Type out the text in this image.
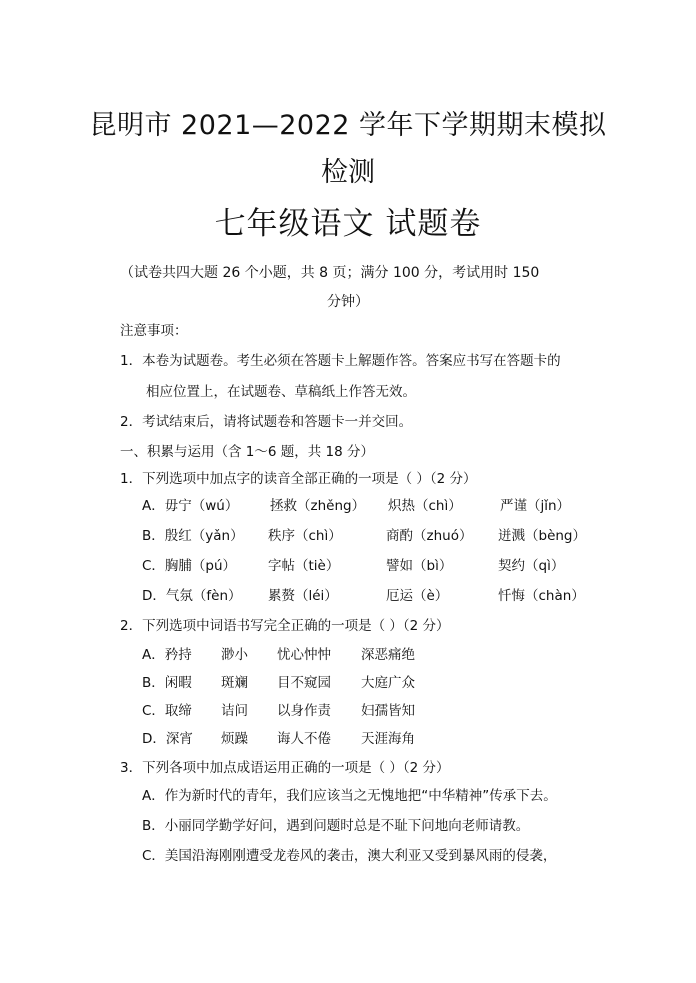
昆明市 2021—2022 学年下学期期末模拟
检测
七年级语文 试题卷
（试卷共四大题 26 个小题，共 8 页；满分 100 分，考试用时 150
分钟）
注意事项：
1．本卷为试题卷。考生必须在答题卡上解题作答。答案应书写在答题卡的
相应位置上，在试题卷、草稿纸上作答无效。
2．考试结束后，请将试题卷和答题卡一并交回。
一、积累与运用（含 1～6 题，共 18 分）
1．下列选项中加点字的读音全部正确的一项是（ ）（2 分）
A．毋宁（wú） 拯救（zhěng） 炽热（chì）	严谨（jǐn）
B．殷红（yǎn） 秩序（chì）	商酌（zhuó） 迸溅（bèng）
C．胸脯（pú） 字帖（tiè）	譬如（bì）	契约（qì）
D．气氛（fèn） 累赘（léi）	厄运（è）	忏悔（chàn）
2．下列选项中词语书写完全正确的一项是（ ）（2 分）
A．矜持 渺小 忧心忡忡 深恶痛绝
B．闲暇 斑斓 目不窥园 大庭广众
C．取缔 诘问 以身作责 妇孺皆知
D．深宵 烦躁 诲人不倦 天涯海角
3．下列各项中加点成语运用正确的一项是（ ）（2 分）
A．作为新时代的青年，我们应该当之无愧地把“中华精神”传承下去。
B．小丽同学勤学好问，遇到问题时总是不耻下问地向老师请教。
C．美国沿海刚刚遭受龙卷风的袭击，澳大利亚又受到暴风雨的侵袭，
